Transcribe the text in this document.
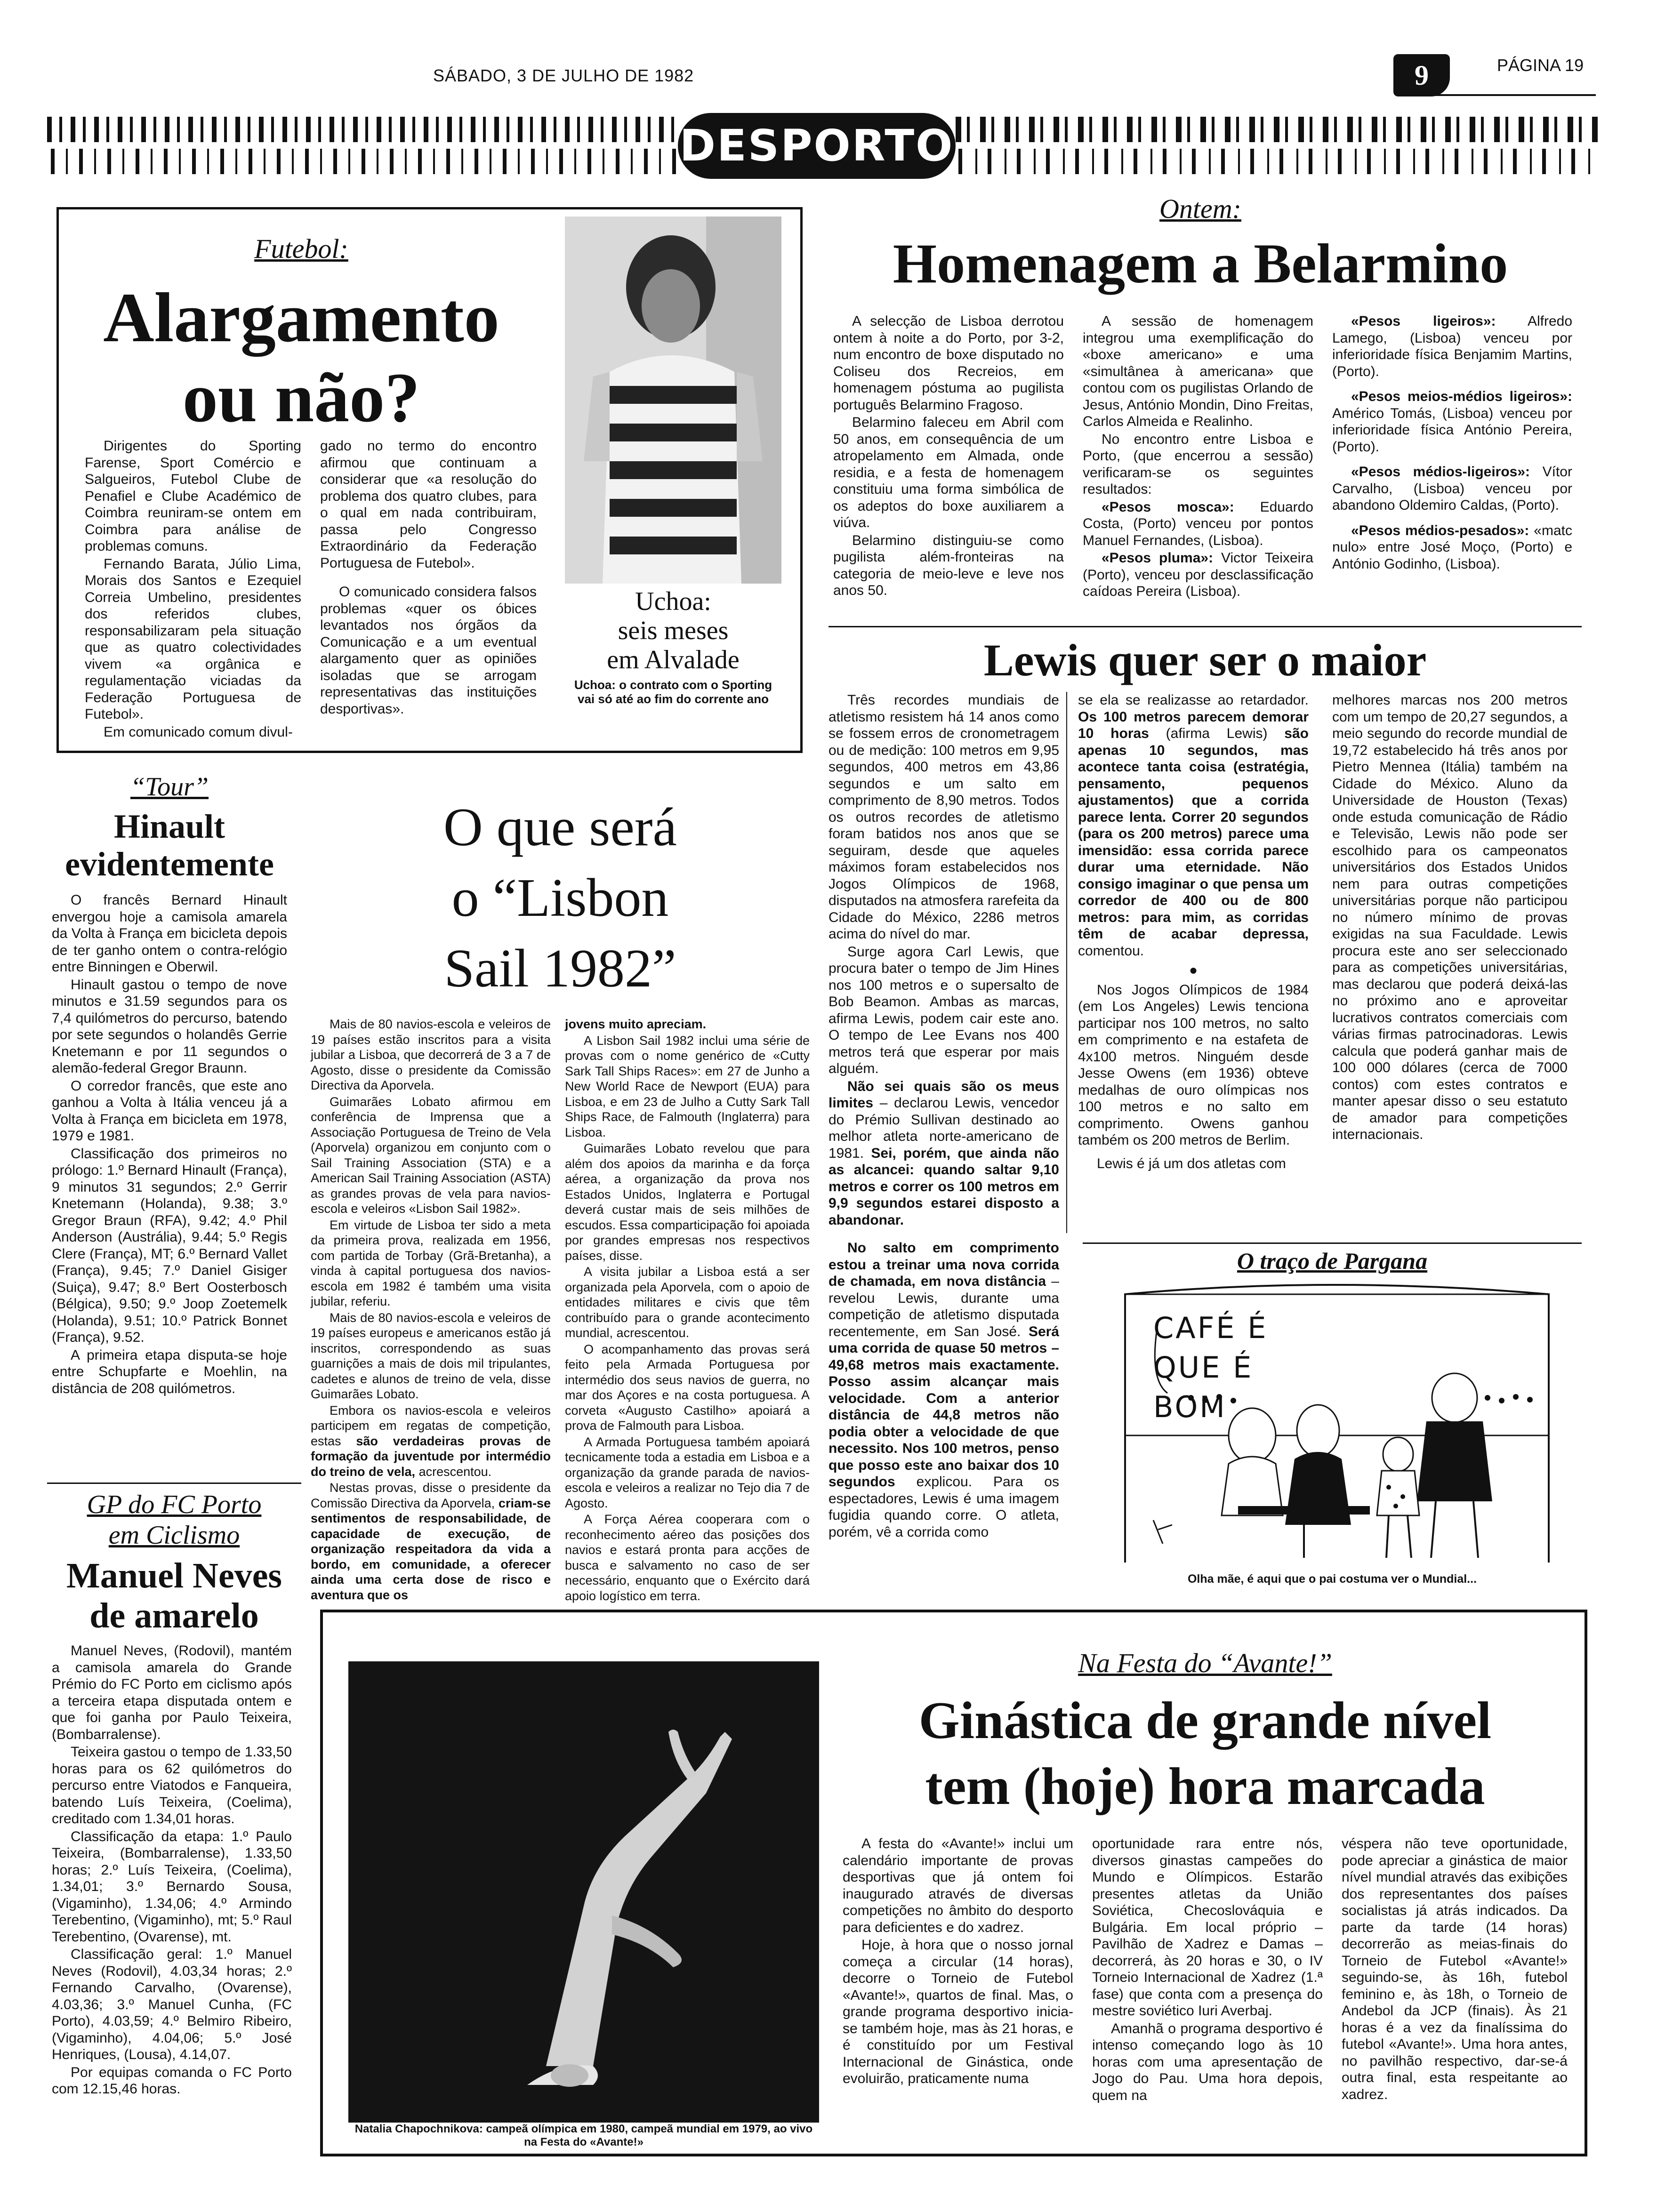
SÁBADO, 3 DE JULHO DE 1982	9	PÁGINA 19
DESPORTO
Futebol:
Alargamento
ou não?

Dirigentes do Sporting Farense, Sport Comércio e Salgueiros, Futebol Clube de Penafiel e Clube Académico de Coimbra reuniram-se ontem em Coimbra para análise de problemas comuns.

Fernando Barata, Júlio Lima, Morais dos Santos e Ezequiel Correia Umbelino, presidentes dos referidos clubes, responsabilizaram pela situação que as quatro colectividades vivem «a orgânica e regulamentação viciadas da Federação Portuguesa de Futebol».

Em comunicado comum divul-

gado no termo do encontro afirmou que continuam a considerar que «a resolução do problema dos quatro clubes, para o qual em nada contribuiram, passa pelo Congresso Extraordinário da Federação Portuguesa de Futebol».

O comunicado considera falsos problemas «quer os óbices levantados nos órgãos da Comunicação e a um eventual alargamento quer as opiniões isoladas que se arrogam representativas das instituições desportivas».

Uchoa:
seis meses
em Alvalade
Uchoa: o contrato com o Sporting vai só até ao fim do corrente ano
Ontem:
Homenagem a Belarmino

A selecção de Lisboa derrotou ontem à noite a do Porto, por 3-2, num encontro de boxe disputado no Coliseu dos Recreios, em homenagem póstuma ao pugilista português Belarmino Fragoso.

Belarmino faleceu em Abril com 50 anos, em consequência de um atropelamento em Almada, onde residia, e a festa de homenagem constituiu uma forma simbólica de os adeptos do boxe auxiliarem a viúva.

Belarmino distinguiu-se como pugilista além-fronteiras na categoria de meio-leve e leve nos anos 50.

A sessão de homenagem integrou uma exemplificação do «boxe americano» e uma «simultânea à americana» que contou com os pugilistas Orlando de Jesus, António Mondin, Dino Freitas, Carlos Almeida e Realinho.

No encontro entre Lisboa e Porto, (que encerrou a sessão) verificaram-se os seguintes resultados:

«Pesos mosca»: Eduardo Costa, (Porto) venceu por pontos Manuel Fernandes, (Lisboa).

«Pesos pluma»: Victor Teixeira (Porto), venceu por desclassificação caídoas Pereira (Lisboa).

«Pesos ligeiros»: Alfredo Lamego, (Lisboa) venceu por inferioridade física Benjamim Martins, (Porto).

«Pesos meios-médios ligeiros»: Américo Tomás, (Lisboa) venceu por inferioridade física António Pereira, (Porto).

«Pesos médios-ligeiros»: Vítor Carvalho, (Lisboa) venceu por abandono Oldemiro Caldas, (Porto).

«Pesos médios-pesados»: «matc nulo» entre José Moço, (Porto) e António Godinho, (Lisboa).

Lewis quer ser o maior

Três recordes mundiais de atletismo resistem há 14 anos como se fossem erros de cronometragem ou de medição: 100 metros em 9,95 segundos, 400 metros em 43,86 segundos e um salto em comprimento de 8,90 metros. Todos os outros recordes de atletismo foram batidos nos anos que se seguiram, desde que aqueles máximos foram estabelecidos nos Jogos Olímpicos de 1968, disputados na atmosfera rarefeita da Cidade do México, 2286 metros acima do nível do mar.

Surge agora Carl Lewis, que procura bater o tempo de Jim Hines nos 100 metros e o supersalto de Bob Beamon. Ambas as marcas, afirma Lewis, podem cair este ano. O tempo de Lee Evans nos 400 metros terá que esperar por mais alguém.

Não sei quais são os meus limites – declarou Lewis, vencedor do Prémio Sullivan destinado ao melhor atleta norte-americano de 1981. Sei, porém, que ainda não as alcancei: quando saltar 9,10 metros e correr os 100 metros em 9,9 segundos estarei disposto a abandonar.

No salto em comprimento estou a treinar uma nova corrida de chamada, em nova distância – revelou Lewis, durante uma competição de atletismo disputada recentemente, em San José. Será uma corrida de quase 50 metros – 49,68 metros mais exactamente. Posso assim alcançar mais velocidade. Com a anterior distância de 44,8 metros não podia obter a velocidade de que necessito. Nos 100 metros, penso que posso este ano baixar dos 10 segundos explicou. Para os espectadores, Lewis é uma imagem fugidia quando corre. O atleta, porém, vê a corrida como

se ela se realizasse ao retardador. Os 100 metros parecem demorar 10 horas (afirma Lewis) são apenas 10 segundos, mas acontece tanta coisa (estratégia, pensamento, pequenos ajustamentos) que a corrida parece lenta. Correr 20 segundos (para os 200 metros) parece uma imensidão: essa corrida parece durar uma eternidade. Não consigo imaginar o que pensa um corredor de 400 ou de 800 metros: para mim, as corridas têm de acabar depressa, comentou.

●

Nos Jogos Olímpicos de 1984 (em Los Angeles) Lewis tenciona participar nos 100 metros, no salto em comprimento e na estafeta de 4x100 metros. Ninguém desde Jesse Owens (em 1936) obteve medalhas de ouro olímpicas nos 100 metros e no salto em comprimento. Owens ganhou também os 200 metros de Berlim.

Lewis é já um dos atletas com

melhores marcas nos 200 metros com um tempo de 20,27 segundos, a meio segundo do recorde mundial de 19,72 estabelecido há três anos por Pietro Mennea (Itália) também na Cidade do México. Aluno da Universidade de Houston (Texas) onde estuda comunicação de Rádio e Televisão, Lewis não pode ser escolhido para os campeonatos universitários dos Estados Unidos nem para outras competições universitárias porque não participou no número mínimo de provas exigidas na sua Faculdade. Lewis procura este ano ser seleccionado para as competições universitárias, mas declarou que poderá deixá-las no próximo ano e aproveitar lucrativos contratos comerciais com várias firmas patrocinadoras. Lewis calcula que poderá ganhar mais de 100 000 dólares (cerca de 7000 contos) com estes contratos e manter apesar disso o seu estatuto de amador para competições internacionais.

“Tour”
Hinault
evidentemente

O francês Bernard Hinault envergou hoje a camisola amarela da Volta à França em bicicleta depois de ter ganho ontem o contra-relógio entre Binningen e Oberwil.

Hinault gastou o tempo de nove minutos e 31.59 segundos para os 7,4 quilómetros do percurso, batendo por sete segundos o holandês Gerrie Knetemann e por 11 segundos o alemão-federal Gregor Braunn.

O corredor francês, que este ano ganhou a Volta à Itália venceu já a Volta à França em bicicleta em 1978, 1979 e 1981.

Classificação dos primeiros no prólogo: 1.º Bernard Hinault (França), 9 minutos 31 segundos; 2.º Gerrir Knetemann (Holanda), 9.38; 3.º Gregor Braun (RFA), 9.42; 4.º Phil Anderson (Austrália), 9.44; 5.º Regis Clere (França), MT; 6.º Bernard Vallet (França), 9.45; 7.º Daniel Gisiger (Suiça), 9.47; 8.º Bert Oosterbosch (Bélgica), 9.50; 9.º Joop Zoetemelk (Holanda), 9.51; 10.º Patrick Bonnet (França), 9.52.

A primeira etapa disputa-se hoje entre Schupfarte e Moehlin, na distância de 208 quilómetros.

GP do FC Porto
em Ciclismo
Manuel Neves
de amarelo

Manuel Neves, (Rodovil), mantém a camisola amarela do Grande Prémio do FC Porto em ciclismo após a terceira etapa disputada ontem e que foi ganha por Paulo Teixeira, (Bombarralense).

Teixeira gastou o tempo de 1.33,50 horas para os 62 quilómetros do percurso entre Viatodos e Fanqueira, batendo Luís Teixeira, (Coelima), creditado com 1.34,01 horas.

Classificação da etapa: 1.º Paulo Teixeira, (Bombarralense), 1.33,50 horas; 2.º Luís Teixeira, (Coelima), 1.34,01; 3.º Bernardo Sousa, (Vigaminho), 1.34,06; 4.º Armindo Terebentino, (Vigaminho), mt; 5.º Raul Terebentino, (Ovarense), mt.

Classificação geral: 1.º Manuel Neves (Rodovil), 4.03,34 horas; 2.º Fernando Carvalho, (Ovarense), 4.03,36; 3.º Manuel Cunha, (FC Porto), 4.03,59; 4.º Belmiro Ribeiro, (Vigaminho), 4.04,06; 5.º José Henriques, (Lousa), 4.14,07.

Por equipas comanda o FC Porto com 12.15,46 horas.

O que será
o “Lisbon
Sail 1982”

Mais de 80 navios-escola e veleiros de 19 países estão inscritos para a visita jubilar a Lisboa, que decorrerá de 3 a 7 de Agosto, disse o presidente da Comissão Directiva da Aporvela.

Guimarães Lobato afirmou em conferência de Imprensa que a Associação Portuguesa de Treino de Vela (Aporvela) organizou em conjunto com o Sail Training Association (STA) e a American Sail Training Association (ASTA) as grandes provas de vela para navios-escola e veleiros «Lisbon Sail 1982».

Em virtude de Lisboa ter sido a meta da primeira prova, realizada em 1956, com partida de Torbay (Grã-Bretanha), a vinda à capital portuguesa dos navios-escola em 1982 é também uma visita jubilar, referiu.

Mais de 80 navios-escola e veleiros de 19 países europeus e americanos estão já inscritos, correspondendo as suas guarnições a mais de dois mil tripulantes, cadetes e alunos de treino de vela, disse Guimarães Lobato.

Embora os navios-escola e veleiros participem em regatas de competição, estas são verdadeiras provas de formação da juventude por intermédio do treino de vela, acrescentou.

Nestas provas, disse o presidente da Comissão Directiva da Aporvela, criam-se sentimentos de responsabilidade, de capacidade de execução, de organização respeitadora da vida a bordo, em comunidade, a oferecer ainda uma certa dose de risco e aventura que os

jovens muito apreciam.

A Lisbon Sail 1982 inclui uma série de provas com o nome genérico de «Cutty Sark Tall Ships Races»: em 27 de Junho a New World Race de Newport (EUA) para Lisboa, e em 23 de Julho a Cutty Sark Tall Ships Race, de Falmouth (Inglaterra) para Lisboa.

Guimarães Lobato revelou que para além dos apoios da marinha e da força aérea, a organização da prova nos Estados Unidos, Inglaterra e Portugal deverá custar mais de seis milhões de escudos. Essa comparticipação foi apoiada por grandes empresas nos respectivos países, disse.

A visita jubilar a Lisboa está a ser organizada pela Aporvela, com o apoio de entidades militares e civis que têm contribuído para o grande acontecimento mundial, acrescentou.

O acompanhamento das provas será feito pela Armada Portuguesa por intermédio dos seus navios de guerra, no mar dos Açores e na costa portuguesa. A corveta «Augusto Castilho» apoiará a prova de Falmouth para Lisboa.

A Armada Portuguesa também apoiará tecnicamente toda a estadia em Lisboa e a organização da grande parada de navios-escola e veleiros a realizar no Tejo dia 7 de Agosto.

A Força Aérea cooperara com o reconhecimento aéreo das posições dos navios e estará pronta para acções de busca e salvamento no caso de ser necessário, enquanto que o Exército dará apoio logístico em terra.

O traço de Pargana
CAFÉ É QUE É BOM
Olha mãe, é aqui que o pai costuma ver o Mundial...
Natalia Chapochnikova: campeã olímpica em 1980, campeã mundial em 1979, ao vivo na Festa do «Avante!»
Na Festa do “Avante!”
Ginástica de grande nível
tem (hoje) hora marcada

A festa do «Avante!» inclui um calendário importante de provas desportivas que já ontem foi inaugurado através de diversas competições no âmbito do desporto para deficientes e do xadrez.

Hoje, à hora que o nosso jornal começa a circular (14 horas), decorre o Torneio de Futebol «Avante!», quartos de final. Mas, o grande programa desportivo inicia-se também hoje, mas às 21 horas, e é constituído por um Festival Internacional de Ginástica, onde evoluirão, praticamente numa

oportunidade rara entre nós, diversos ginastas campeões do Mundo e Olímpicos. Estarão presentes atletas da União Soviética, Checoslováquia e Bulgária. Em local próprio – Pavilhão de Xadrez e Damas – decorrerá, às 20 horas e 30, o IV Torneio Internacional de Xadrez (1.ª fase) que conta com a presença do mestre soviético Iuri Averbaj.

Amanhã o programa desportivo é intenso começando logo às 10 horas com uma apresentação de Jogo do Pau. Uma hora depois, quem na

véspera não teve oportunidade, pode apreciar a ginástica de maior nível mundial através das exibições dos representantes dos países socialistas já atrás indicados. Da parte da tarde (14 horas) decorrerão as meias-finais do Torneio de Futebol «Avante!» seguindo-se, às 16h, futebol feminino e, às 18h, o Torneio de Andebol da JCP (finais). Às 21 horas é a vez da finalíssima do futebol «Avante!». Uma hora antes, no pavilhão respectivo, dar-se-á outra final, esta respeitante ao xadrez.
